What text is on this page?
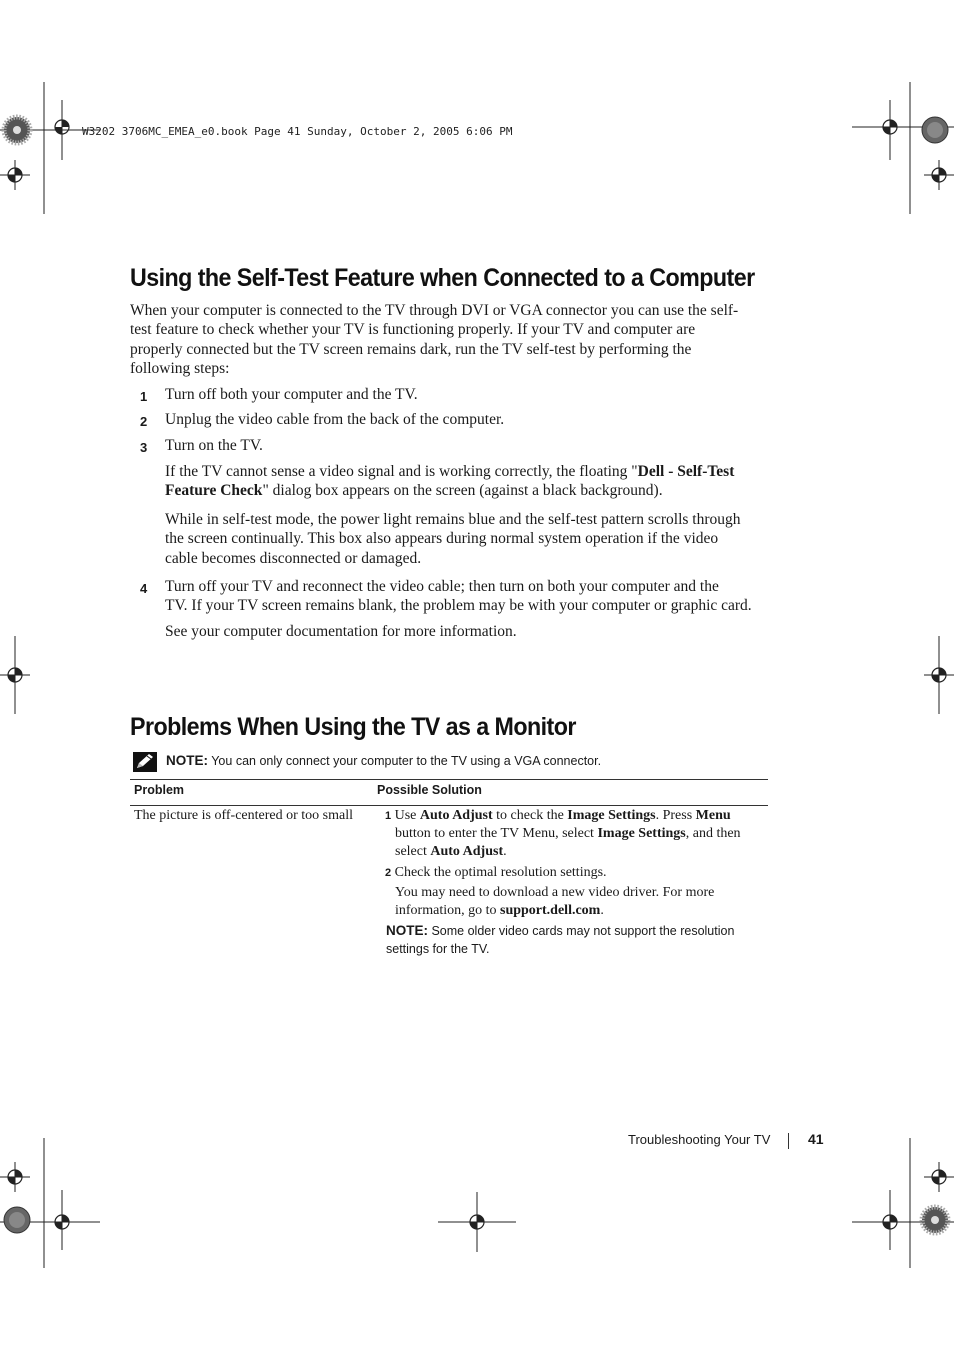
W3202 3706MC_EMEA_e0.book Page 41 Sunday, October 2, 2005 6:06 PM
Using the Self-Test Feature when Connected to a Computer
When your computer is connected to the TV through DVI or VGA connector you can use the self-
test feature to check whether your TV is functioning properly. If your TV and computer are
properly connected but the TV screen remains dark, run the TV self-test by performing the
following steps:
1 Turn off both your computer and the TV.
2 Unplug the video cable from the back of the computer.
3 Turn on the TV.
If the TV cannot sense a video signal and is working correctly, the floating "Dell - Self-Test
Feature Check" dialog box appears on the screen (against a black background).
While in self-test mode, the power light remains blue and the self-test pattern scrolls through
the screen continually. This box also appears during normal system operation if the video
cable becomes disconnected or damaged.
4 Turn off your TV and reconnect the video cable; then turn on both your computer and the
TV. If your TV screen remains blank, the problem may be with your computer or graphic card.
See your computer documentation for more information.
Problems When Using the TV as a Monitor
NOTE: You can only connect your computer to the TV using a VGA connector.
Problem	Possible Solution
The picture is off-centered or too small	1 Use Auto Adjust to check the Image Settings. Press Menu
button to enter the TV Menu, select Image Settings, and then
select Auto Adjust.
2 Check the optimal resolution settings.
You may need to download a new video driver. For more
information, go to support.dell.com.
NOTE: Some older video cards may not support the resolution
settings for the TV.
Troubleshooting Your TV	41
